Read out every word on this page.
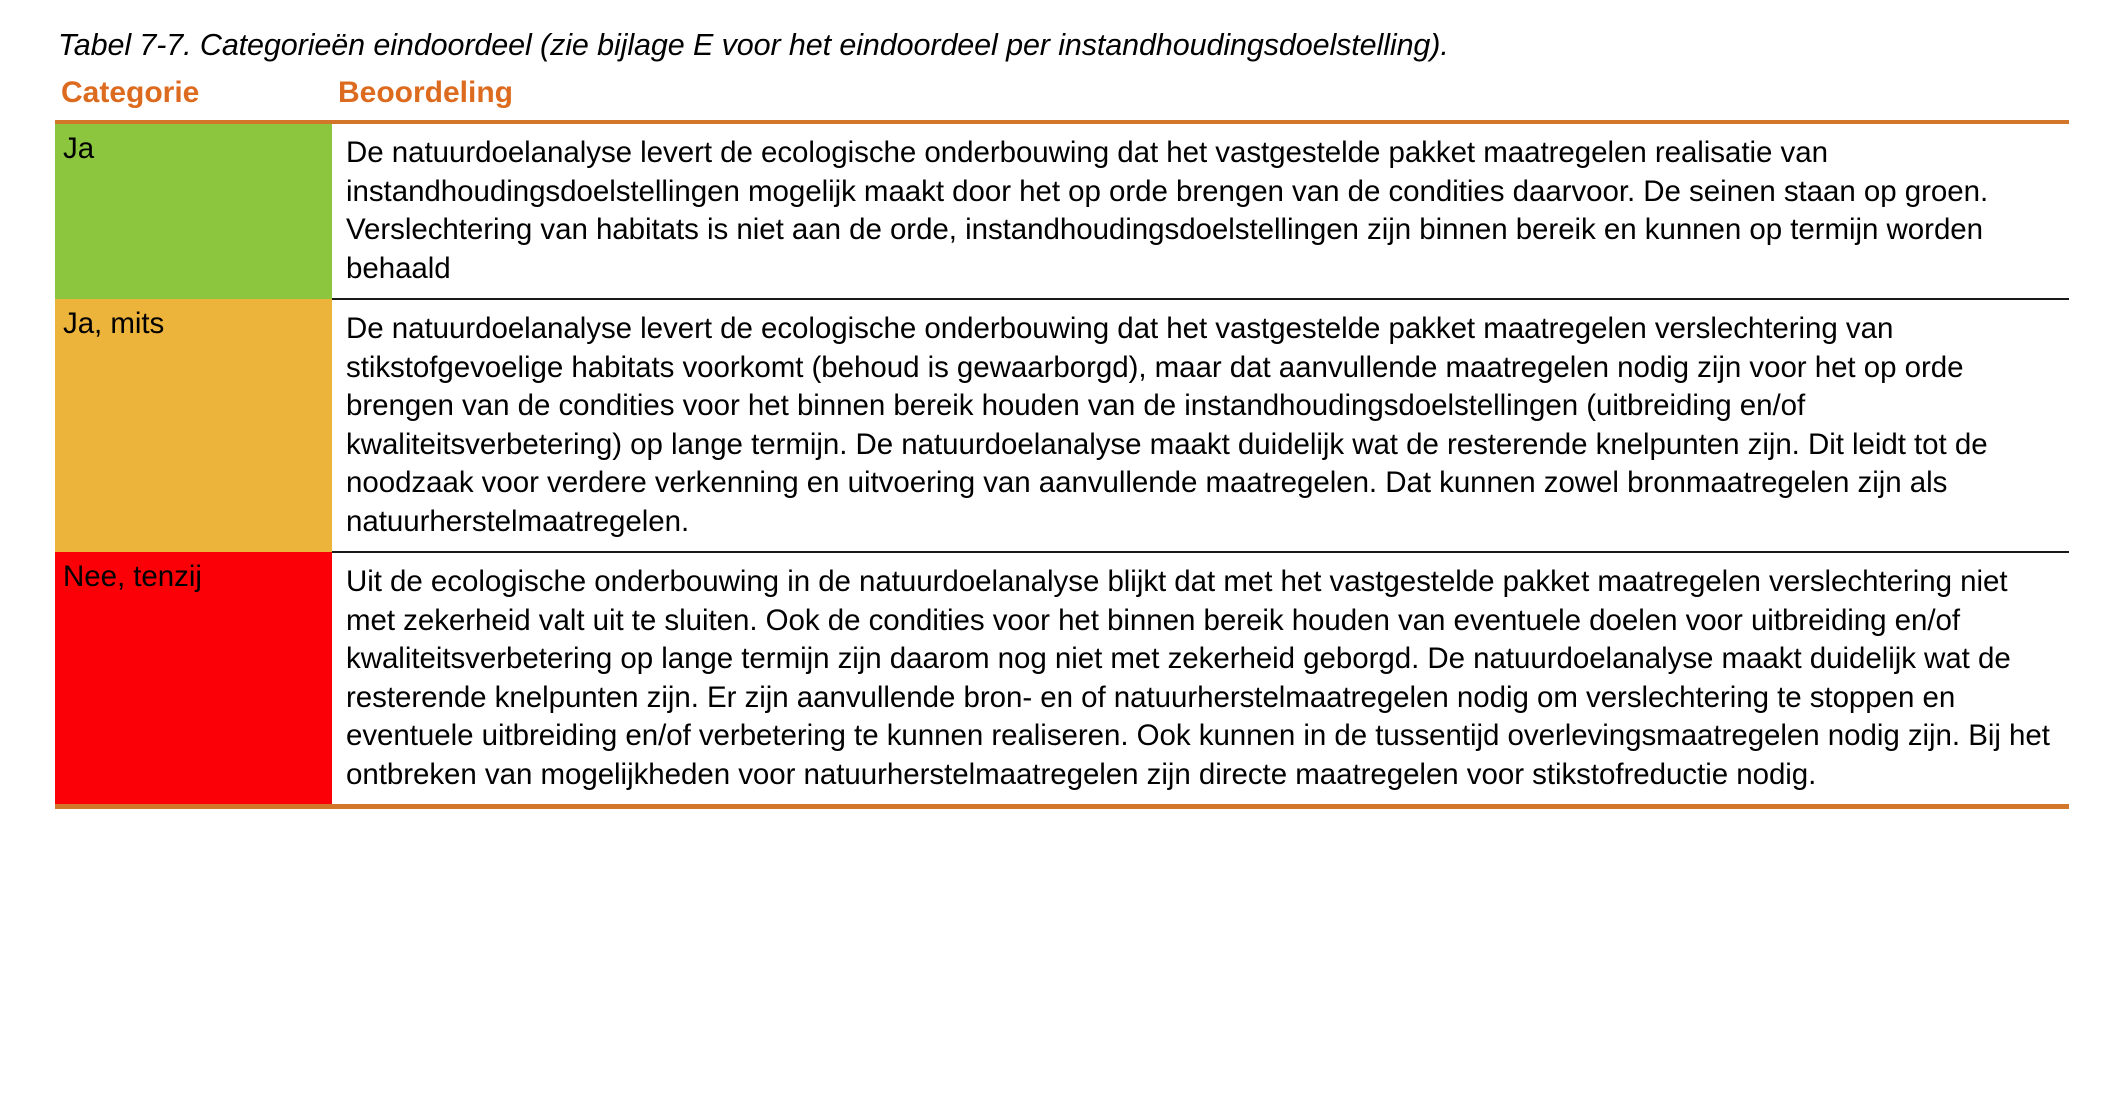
Tabel 7-7. Categorieën eindoordeel (zie bijlage E voor het eindoordeel per instandhoudingsdoelstelling).
Categorie	Beoordeling
Ja	De natuurdoelanalyse levert de ecologische onderbouwing dat het vastgestelde pakket maatregelen realisatie van instandhoudingsdoelstellingen mogelijk maakt door het op orde brengen van de condities daarvoor. De seinen staan op groen. Verslechtering van habitats is niet aan de orde, instandhoudingsdoelstellingen zijn binnen bereik en kunnen op termijn worden behaald
Ja, mits	De natuurdoelanalyse levert de ecologische onderbouwing dat het vastgestelde pakket maatregelen verslechtering van stikstofgevoelige habitats voorkomt (behoud is gewaarborgd), maar dat aanvullende maatregelen nodig zijn voor het op orde brengen van de condities voor het binnen bereik houden van de instandhoudingsdoelstellingen (uitbreiding en/of kwaliteitsverbetering) op lange termijn. De natuurdoelanalyse maakt duidelijk wat de resterende knelpunten zijn. Dit leidt tot de noodzaak voor verdere verkenning en uitvoering van aanvullende maatregelen. Dat kunnen zowel bronmaatregelen zijn als natuurherstelmaatregelen.
Nee, tenzij	Uit de ecologische onderbouwing in de natuurdoelanalyse blijkt dat met het vastgestelde pakket maatregelen verslechtering niet met zekerheid valt uit te sluiten. Ook de condities voor het binnen bereik houden van eventuele doelen voor uitbreiding en/of kwaliteitsverbetering op lange termijn zijn daarom nog niet met zekerheid geborgd. De natuurdoelanalyse maakt duidelijk wat de resterende knelpunten zijn. Er zijn aanvullende bron- en of natuurherstelmaatregelen nodig om verslechtering te stoppen en eventuele uitbreiding en/of verbetering te kunnen realiseren. Ook kunnen in de tussentijd overlevingsmaatregelen nodig zijn. Bij het ontbreken van mogelijkheden voor natuurherstelmaatregelen zijn directe maatregelen voor stikstofreductie nodig.
